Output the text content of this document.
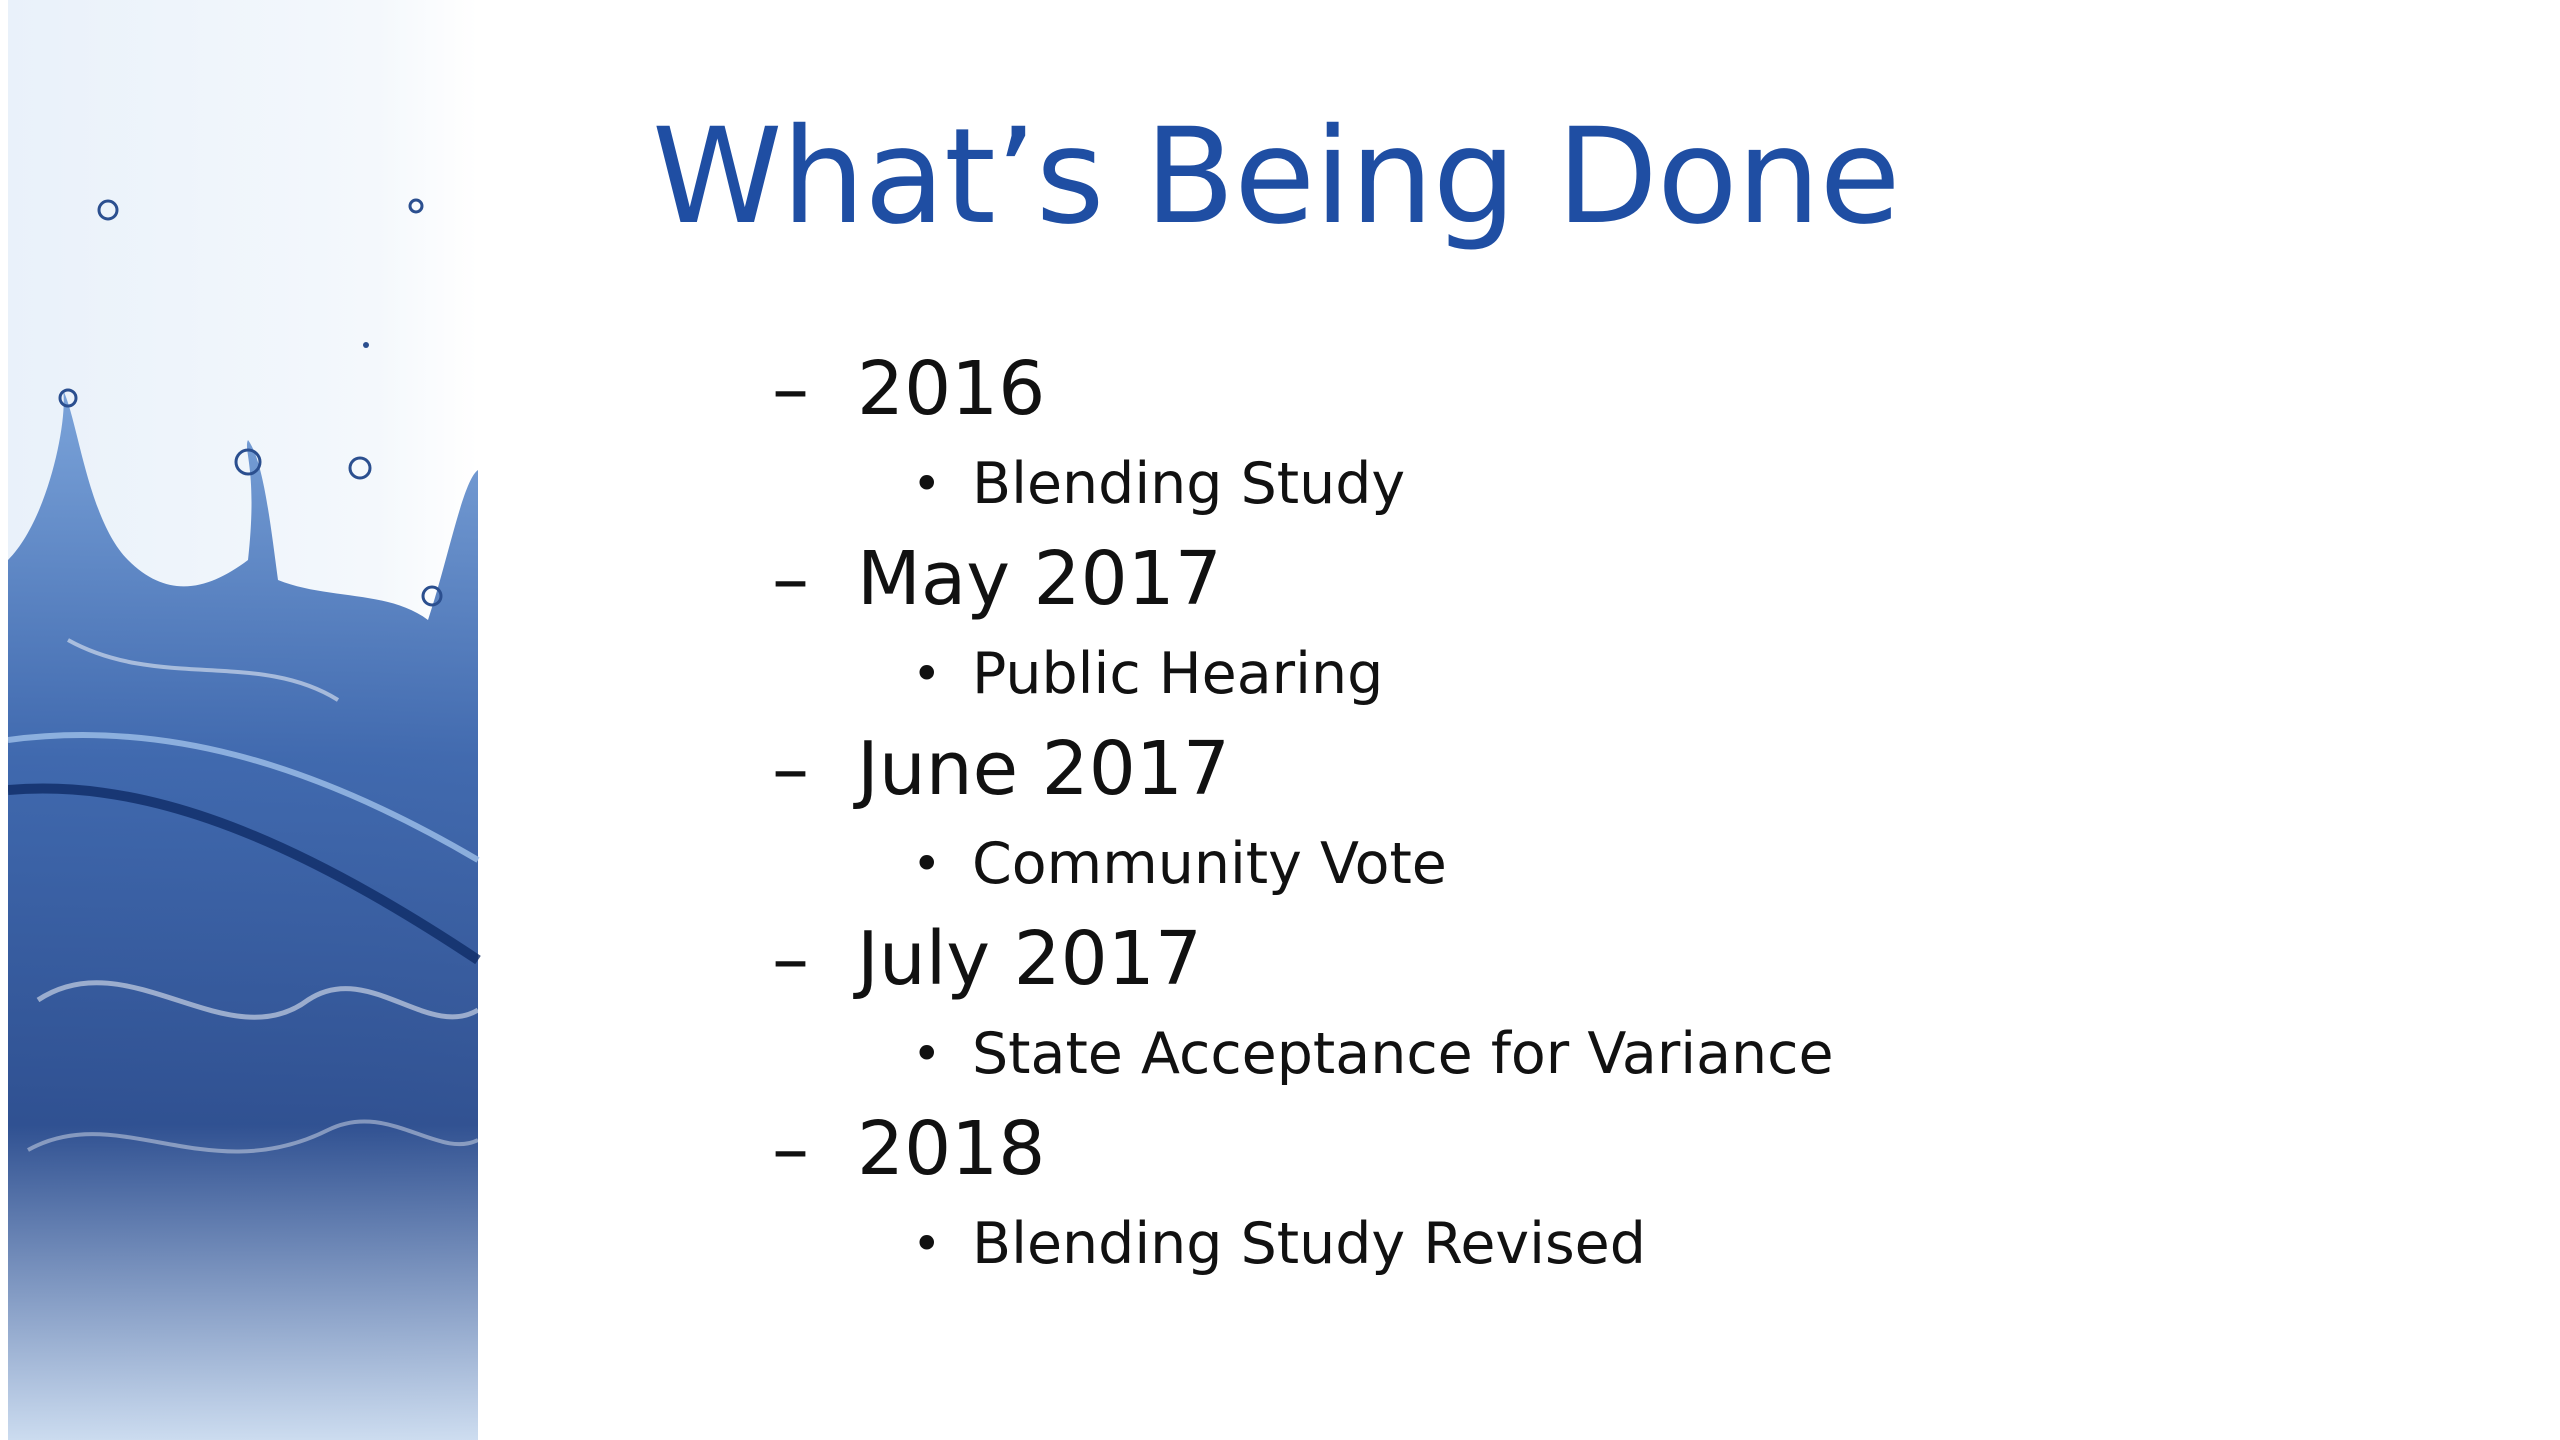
What’s Being Done
– 2016
• Blending Study
– May 2017
• Public Hearing
– June 2017
• Community Vote
– July 2017
• State Acceptance for Variance
– 2018
• Blending Study Revised
